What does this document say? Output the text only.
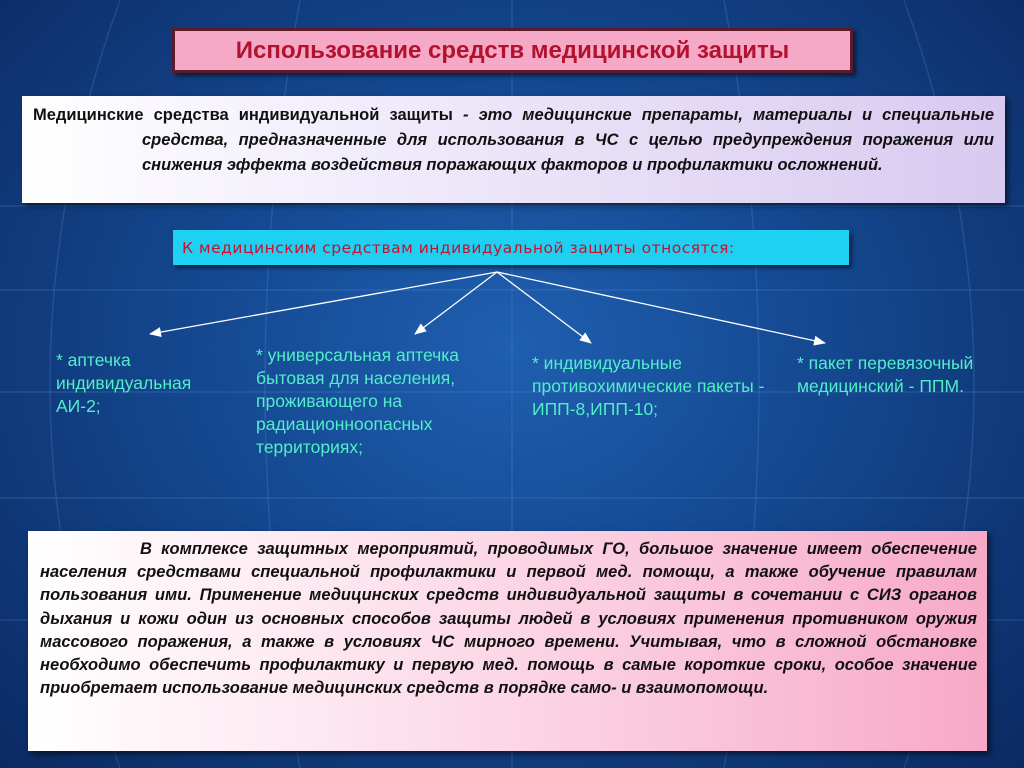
Использование средств медицинской защиты
Медицинские средства индивидуальной защиты - это медицинские препараты, материалы и специальные средства, предназначенные для использования в ЧС с целью предупреждения поражения или снижения эффекта воздействия поражающих факторов и профилактики осложнений.
К медицинским средствам индивидуальной защиты относятся:
* аптечка индивидуальная АИ-2;
* универсальная аптечка бытовая для населения, проживающего на радиационноопасных территориях;
* индивидуальные противохимические пакеты - ИПП-8,ИПП-10;
* пакет перевязочный медицинский - ППМ.

В комплексе защитных мероприятий, проводимых ГО, большое значение имеет обеспечение населения средствами специальной профилактики и первой мед. помощи, а также обучение правилам пользования ими. Применение медицинских средств индивидуальной защиты в сочетании с СИЗ органов дыхания и кожи один из основных способов защиты людей в условиях применения противником оружия массового поражения, а также в условиях ЧС мирного времени. Учитывая, что в сложной обстановке необходимо обеспечить профилактику и первую мед. помощь в самые короткие сроки, особое значение приобретает использование медицинских средств в порядке само- и взаимопомощи.
